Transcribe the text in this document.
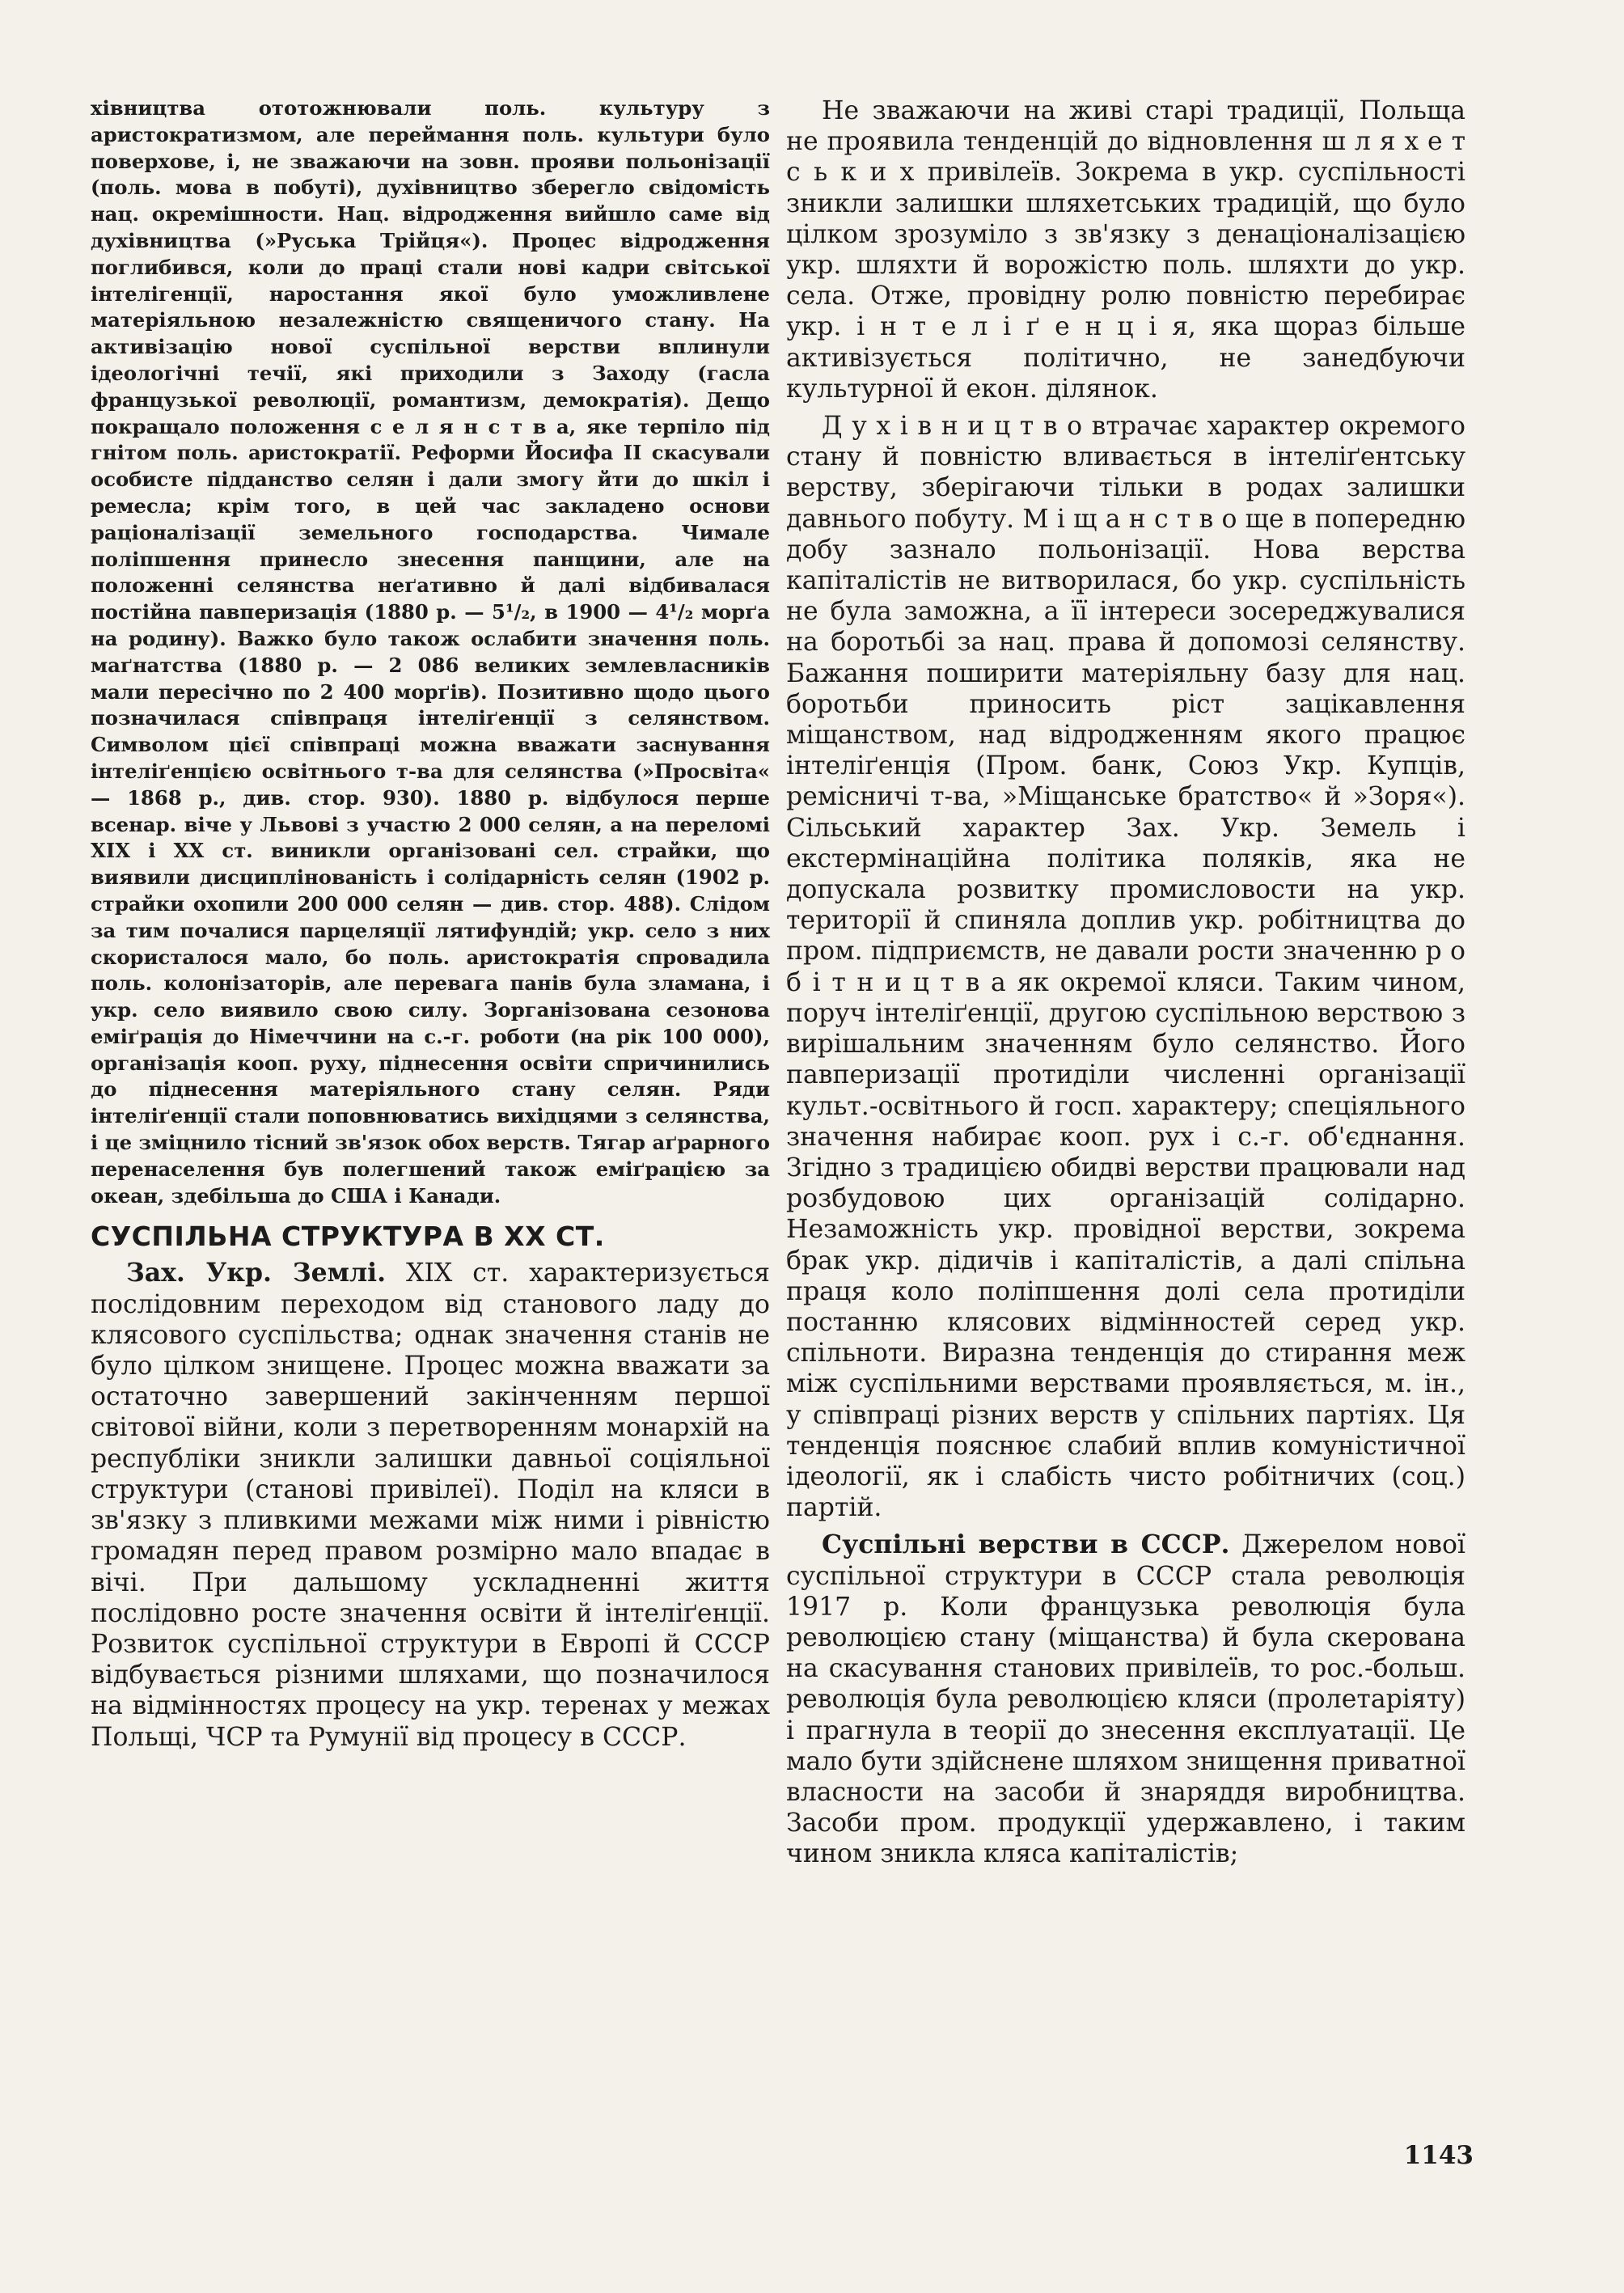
хівництва ототожнювали поль. культуру з аристократизмом, але переймання поль. культури було поверхове, і, не зважаючи на зовн. прояви польонізації (поль. мова в побуті), духівництво зберегло свідомість нац. окремішности. Нац. відродження вийшло саме від духівництва (»Руська Трійця«). Процес відродження поглибився, коли до праці стали нові кадри світської інтелігенції, наростання якої було уможливлене матеріяльною незалежністю священичого стану. На активізацію нової суспільної верстви вплинули ідеологічні течії, які приходили з Заходу (гасла французької революції, романтизм, демократія). Дещо покращало положення с е л я н с т в а, яке терпіло під гнітом поль. аристократії. Реформи Йосифа II скасували особисте підданство селян і дали змогу йти до шкіл і ремесла; крім того, в цей час закладено основи раціоналізації земельного господарства. Чимале поліпшення принесло знесення панщини, але на положенні селянства неґативно й далі відбивалася постійна павперизація (1880 р. — 5¹/₂, в 1900 — 4¹/₂ морґа на родину). Важко було також ослабити значення поль. маґнатства (1880 р. — 2 086 великих землевласників мали пересічно по 2 400 морґів). Позитивно щодо цього позначилася співпраця інтеліґенції з селянством. Символом цієї співпраці можна вважати заснування інтеліґенцією освітнього т-ва для селянства (»Просвіта« — 1868 р., див. стор. 930). 1880 р. відбулося перше всенар. віче у Львові з участю 2 000 селян, а на переломі XIX і XX ст. виникли організовані сел. страйки, що виявили дисциплінованість і солідарність селян (1902 р. страйки охопили 200 000 селян — див. стор. 488). Слідом за тим почалися парцеляції лятифундій; укр. село з них скористалося мало, бо поль. аристократія спровадила поль. колонізаторів, але перевага панів була зламана, і укр. село виявило свою силу. Зорганізована сезонова еміґрація до Німеччини на с.-г. роботи (на рік 100 000), організація кооп. руху, піднесення освіти спричинились до піднесення матеріяльного стану селян. Ряди інтеліґенції стали поповнюватись вихідцями з селянства, і це зміцнило тісний зв'язок обох верств. Тягар аґрарного перенаселення був полегшений також еміґрацією за океан, здебільша до США і Канади.

СУСПІЛЬНА СТРУКТУРА В XX СТ.

Зах. Укр. Землі. XIX ст. характеризується послідовним переходом від станового ладу до клясового суспільства; однак значення станів не було цілком знищене. Процес можна вважати за остаточно завершений закінченням першої світової війни, коли з перетворенням монархій на республіки зникли залишки давньої соціяльної структури (станові привілеї). Поділ на кляси в зв'язку з пливкими межами між ними і рівністю громадян перед правом розмірно мало впадає в вічі. При дальшому ускладненні життя послідовно росте значення освіти й інтеліґенції. Розвиток суспільної структури в Европі й СССР відбувається різними шляхами, що позначилося на відмінностях процесу на укр. теренах у межах Польщі, ЧСР та Румунії від процесу в СССР.

Не зважаючи на живі старі традиції, Польща не проявила тенденцій до відновлення ш л я х е т с ь к и х привілеїв. Зокрема в укр. суспільності зникли залишки шляхетських традицій, що було цілком зрозуміло з зв'язку з денаціоналізацією укр. шляхти й ворожістю поль. шляхти до укр. села. Отже, провідну ролю повністю перебирає укр. і н т е л і ґ е н ц і я, яка щораз більше активізується політично, не занедбуючи культурної й екон. ділянок.

Д у х і в н и ц т в о втрачає характер окремого стану й повністю вливається в інтеліґентську верству, зберігаючи тільки в родах залишки давнього побуту. М і щ а н с т в о ще в попередню добу зазнало польонізації. Нова верства капіталістів не витворилася, бо укр. суспільність не була заможна, а її інтереси зосереджувалися на боротьбі за нац. права й допомозі селянству. Бажання поширити матеріяльну базу для нац. боротьби приносить ріст зацікавлення міщанством, над відродженням якого працює інтеліґенція (Пром. банк, Союз Укр. Купців, ремісничі т-ва, »Міщанське братство« й »Зоря«). Сільський характер Зах. Укр. Земель і екстермінаційна політика поляків, яка не допускала розвитку промисловости на укр. території й спиняла доплив укр. робітництва до пром. підприємств, не давали рости значенню р о б і т н и ц т в а як окремої кляси. Таким чином, поруч інтеліґенції, другою суспільною верствою з вирішальним значенням було селянство. Його павперизації протиділи численні організації культ.-освітнього й госп. характеру; спеціяльного значення набирає кооп. рух і с.-г. об'єднання. Згідно з традицією обидві верстви працювали над розбудовою цих організацій солідарно. Незаможність укр. провідної верстви, зокрема брак укр. дідичів і капіталістів, а далі спільна праця коло поліпшення долі села протиділи постанню клясових відмінностей серед укр. спільноти. Виразна тенденція до стирання меж між суспільними верствами проявляється, м. ін., у співпраці різних верств у спільних партіях. Ця тенденція пояснює слабий вплив комуністичної ідеології, як і слабість чисто робітничих (соц.) партій.

Суспільні верстви в СССР. Джерелом нової суспільної структури в СССР стала революція 1917 р. Коли французька революція була революцією стану (міщанства) й була скерована на скасування станових привілеїв, то рос.-больш. революція була революцією кляси (пролетаріяту) і прагнула в теорії до знесення експлуатації. Це мало бути здійснене шляхом знищення приватної власности на засоби й знаряддя виробництва. Засоби пром. продукції удержавлено, і таким чином зникла кляса капіталістів;

1143
